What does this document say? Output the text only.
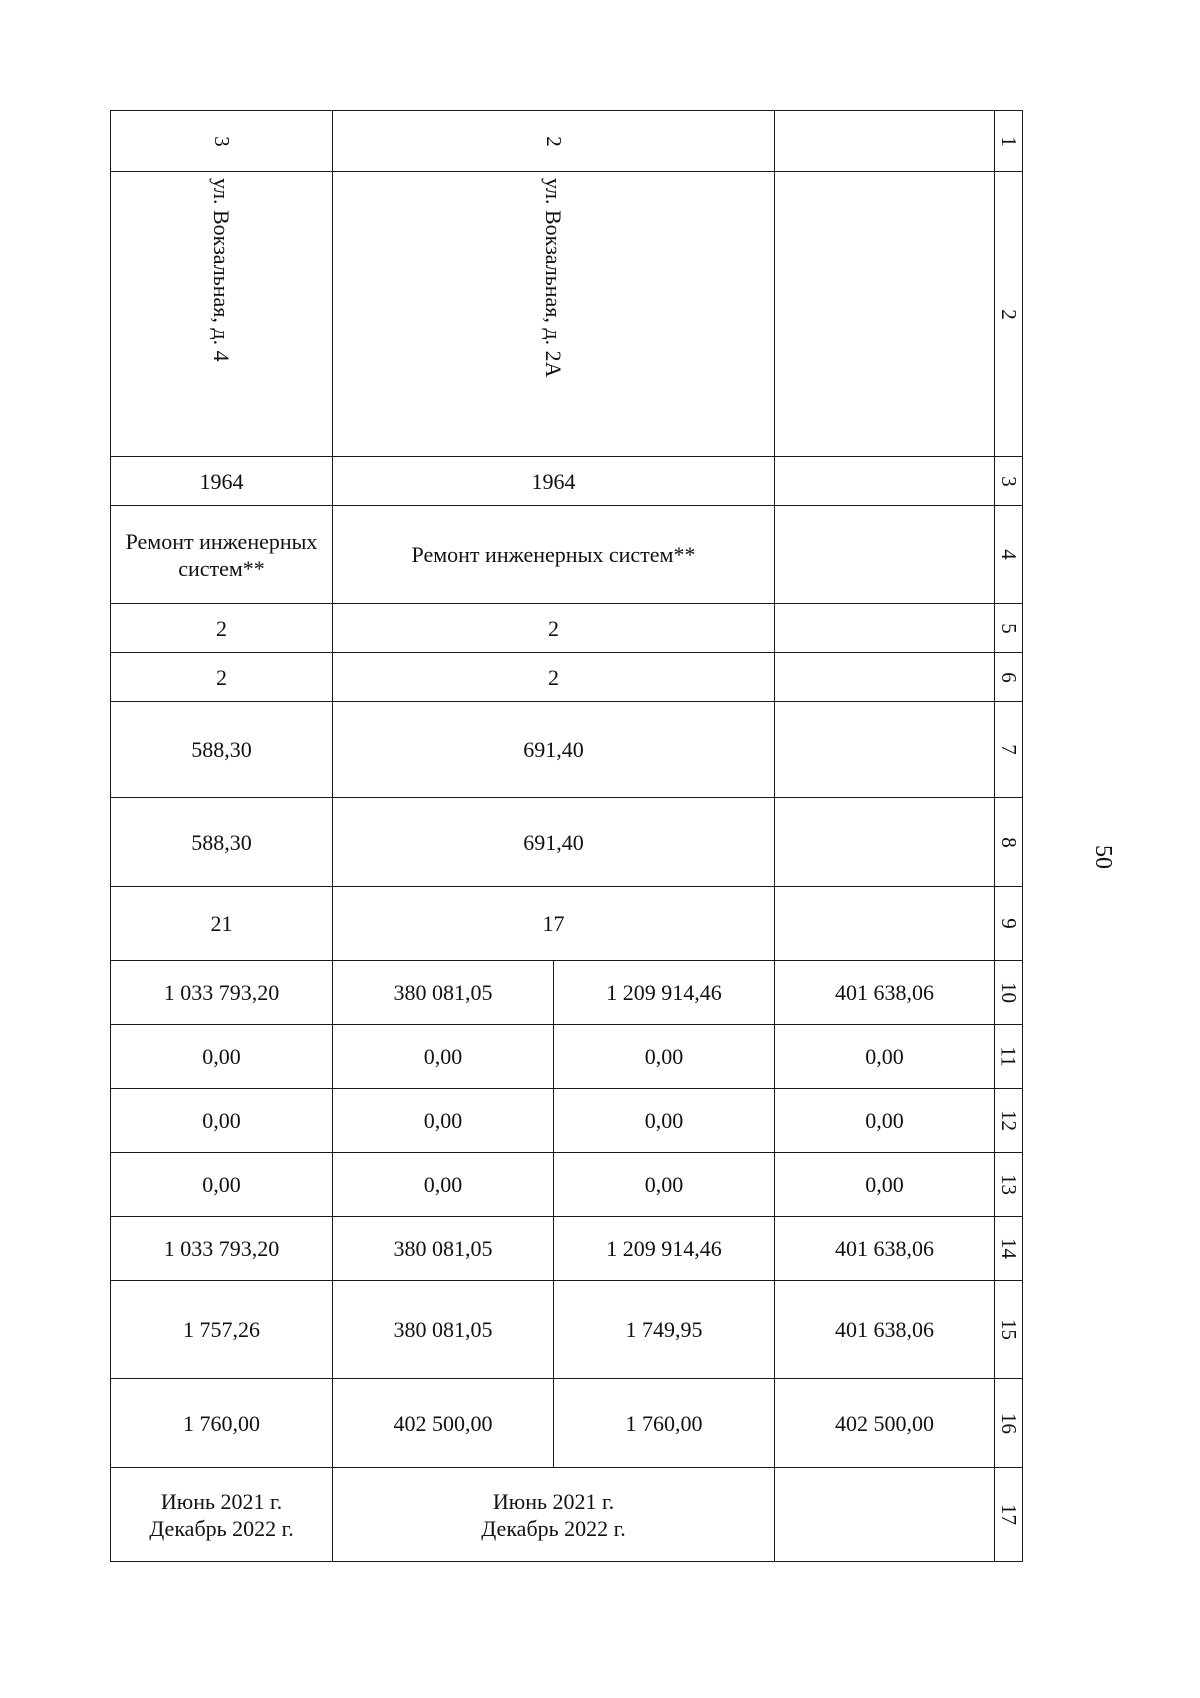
50
3	2			1

ул. Вокзальная, д. 4	ул. Вокзальная, д. 2А			2

1964	1964			3

Ремонт инженерных
систем**	Ремонт инженерных систем**			4

2	2			5

2	2			6

588,30	691,40			7

588,30	691,40			8

21	17			9

1 033 793,20	380 081,05	1 209 914,46	401 638,06	10

0,00	0,00	0,00	0,00	11

0,00	0,00	0,00	0,00	12

0,00	0,00	0,00	0,00	13

1 033 793,20	380 081,05	1 209 914,46	401 638,06	14

1 757,26	380 081,05	1 749,95	401 638,06	15

1 760,00	402 500,00	1 760,00	402 500,00	16

Июнь 2021 г.
Декабрь 2022 г.	Июнь 2021 г.
Декабрь 2022 г.			17
